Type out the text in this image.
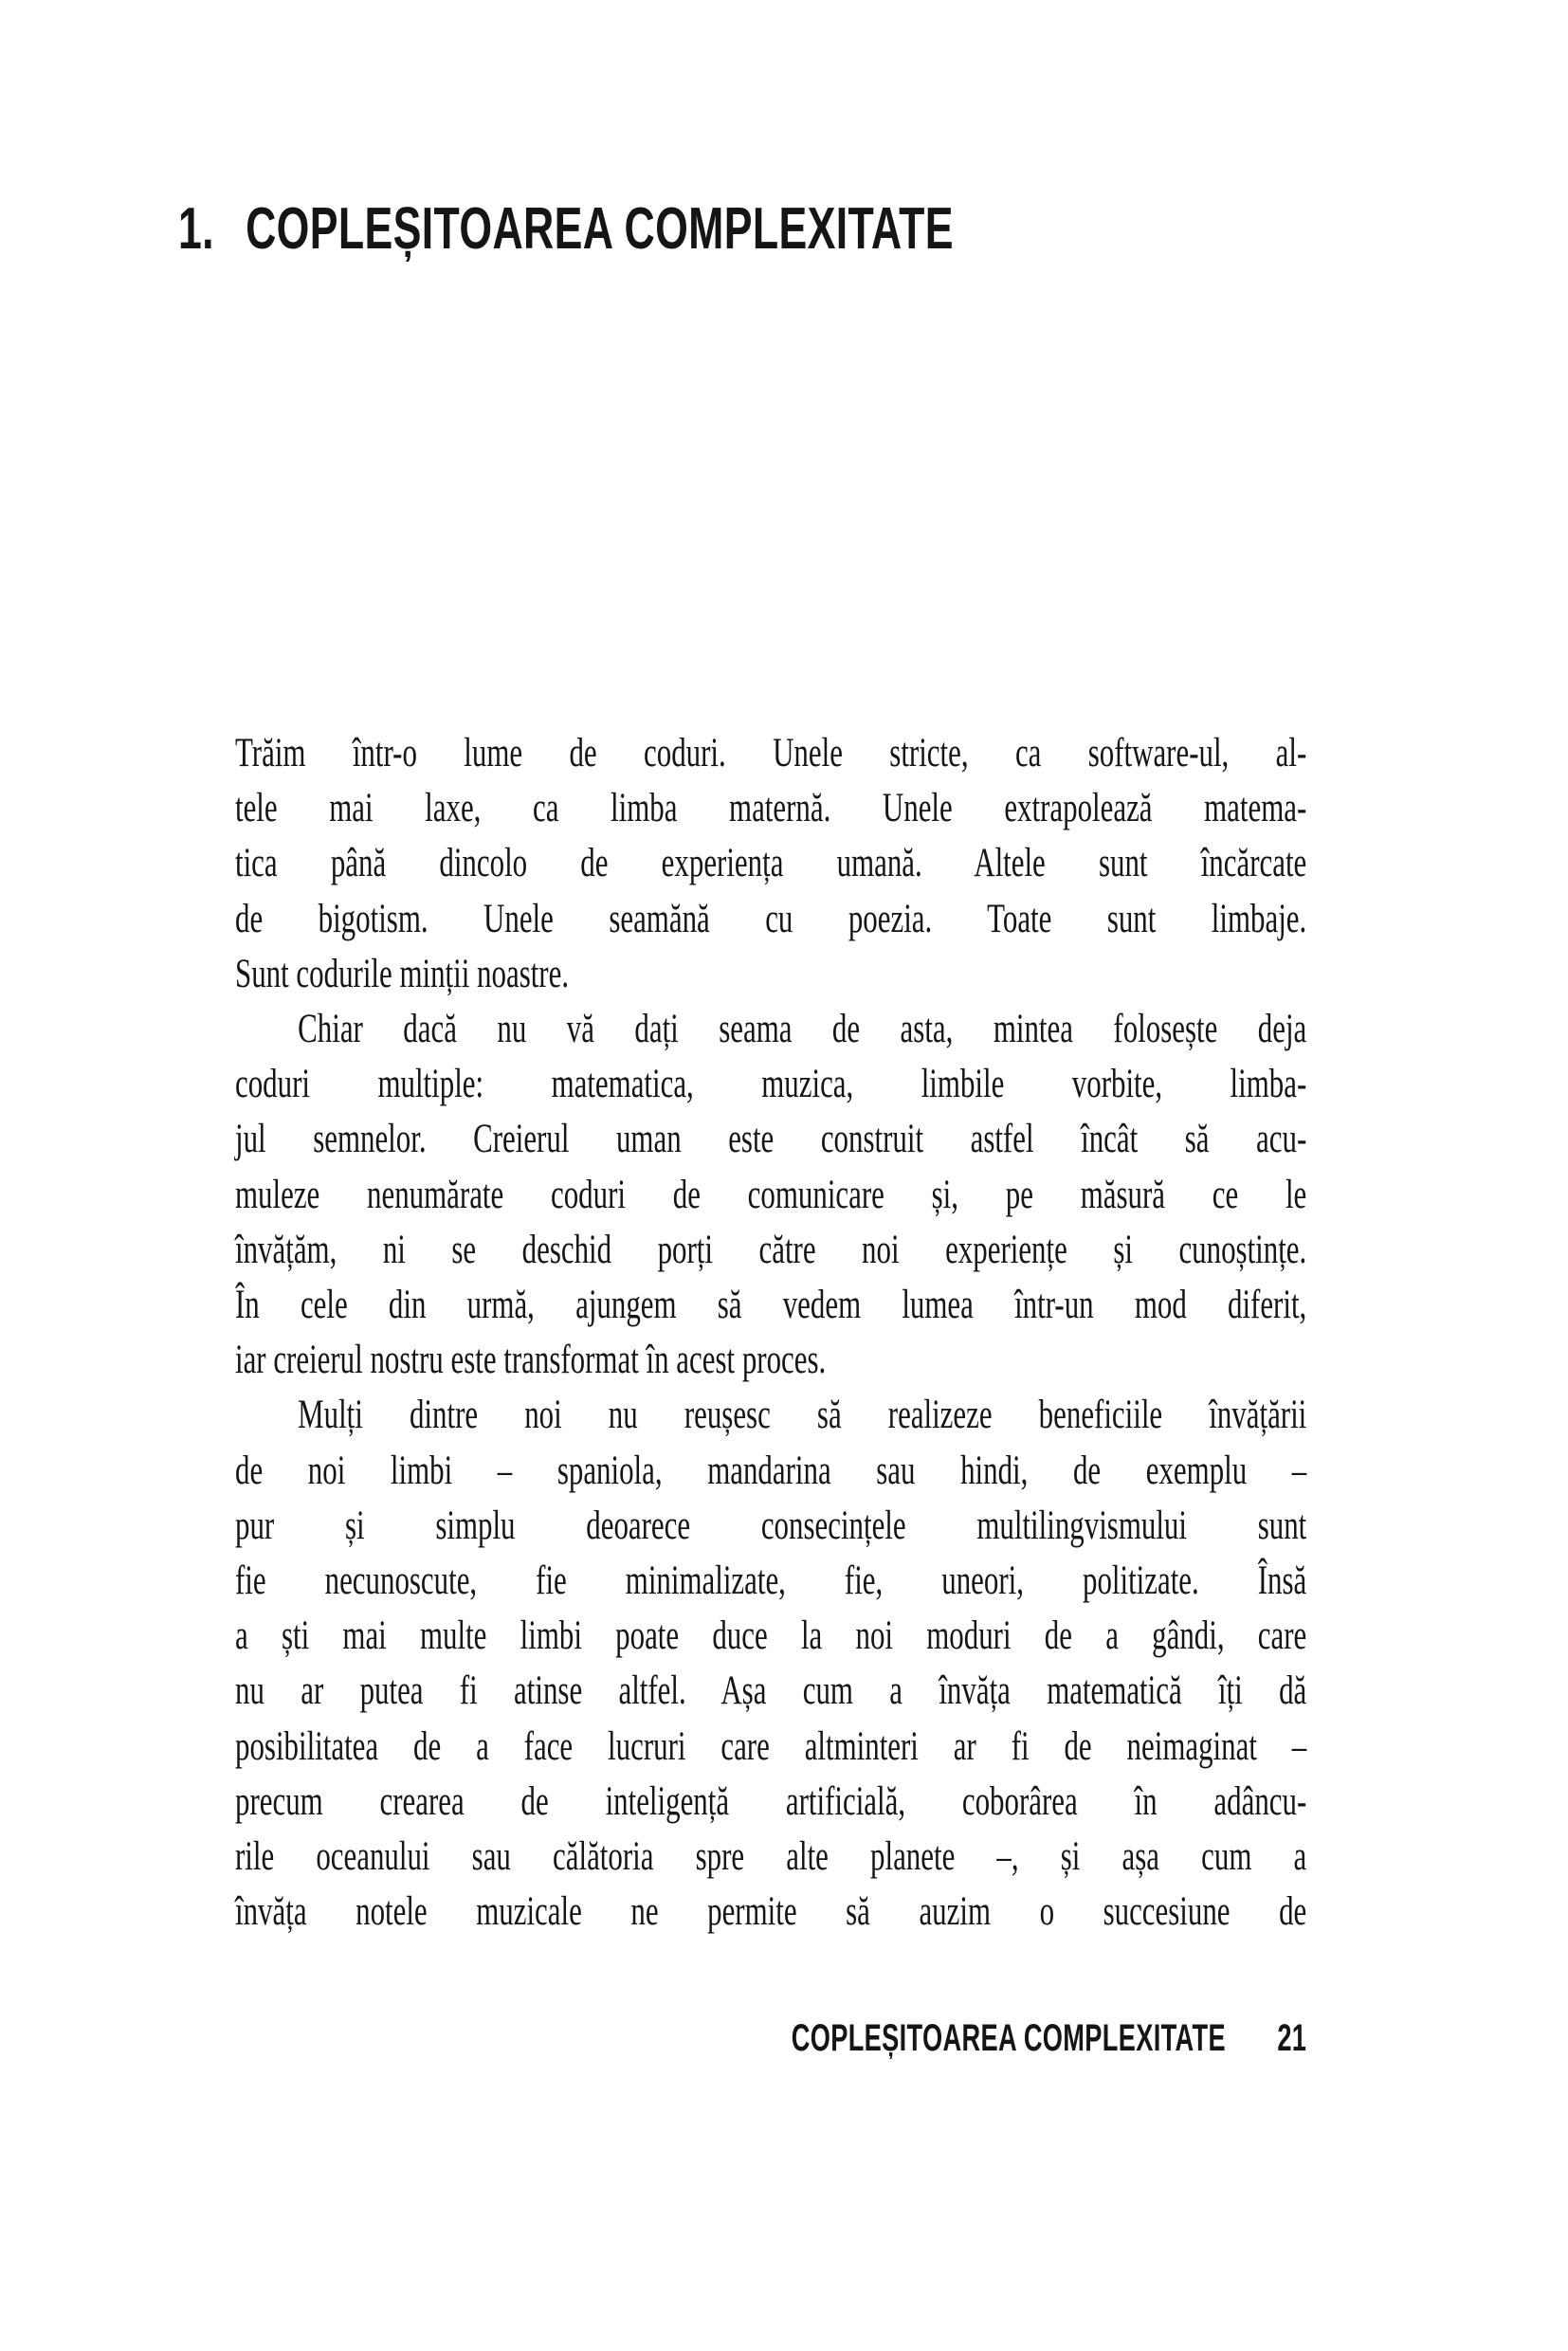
1. COPLEȘITOAREA COMPLEXITATE
Trăim într-o lume de coduri. Unele stricte, ca software-ul, al-
tele mai laxe, ca limba maternă. Unele extrapolează matema-
tica până dincolo de experiența umană. Altele sunt încărcate
de bigotism. Unele seamănă cu poezia. Toate sunt limbaje.
Sunt codurile minții noastre.
Chiar dacă nu vă dați seama de asta, mintea folosește deja
coduri multiple: matematica, muzica, limbile vorbite, limba-
jul semnelor. Creierul uman este construit astfel încât să acu-
muleze nenumărate coduri de comunicare și, pe măsură ce le
învățăm, ni se deschid porți către noi experiențe și cunoștințe.
În cele din urmă, ajungem să vedem lumea într-un mod diferit,
iar creierul nostru este transformat în acest proces.
Mulți dintre noi nu reușesc să realizeze beneficiile învățării
de noi limbi – spaniola, mandarina sau hindi, de exemplu –
pur și simplu deoarece consecințele multilingvismului sunt
fie necunoscute, fie minimalizate, fie, uneori, politizate. Însă
a ști mai multe limbi poate duce la noi moduri de a gândi, care
nu ar putea fi atinse altfel. Așa cum a învăța matematică îți dă
posibilitatea de a face lucruri care altminteri ar fi de neimaginat –
precum crearea de inteligență artificială, coborârea în adâncu-
rile oceanului sau călătoria spre alte planete –, și așa cum a
învăța notele muzicale ne permite să auzim o succesiune de
COPLEȘITOAREA COMPLEXITATE 21
